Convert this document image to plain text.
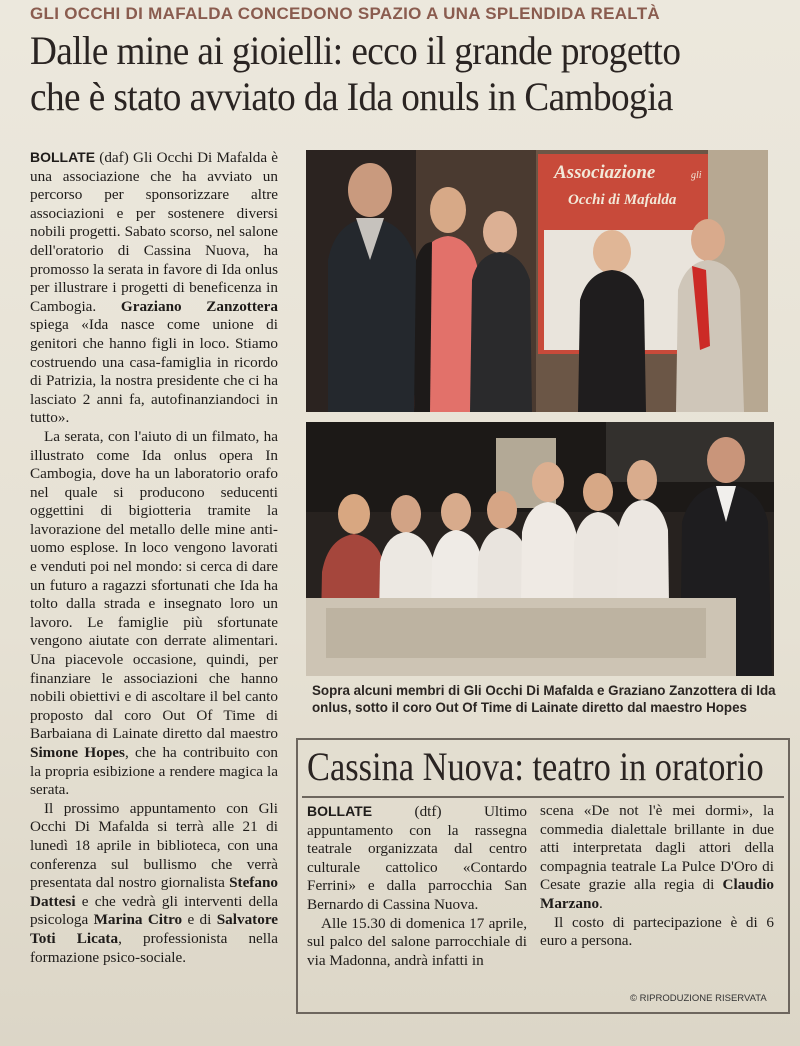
GLI OCCHI DI MAFALDA CONCEDONO SPAZIO A UNA SPLENDIDA REALTÀ
Dalle mine ai gioielli: ecco il grande progetto
che è stato avviato da Ida onuls in Cambogia

BOLLATE (daf) Gli Occhi Di Mafalda è una associazione che ha avviato un percorso per sponsorizzare altre associazioni e per sostenere diversi nobili progetti. Sabato scorso, nel salone dell'oratorio di Cassina Nuova, ha promosso la serata in favore di Ida onlus per illustrare i progetti di beneficenza in Cambogia. Graziano Zanzottera spiega «Ida nasce come unione di genitori che hanno figli in loco. Stiamo costruendo una casa-famiglia in ricordo di Patrizia, la nostra presidente che ci ha lasciato 2 anni fa, autofinanziandoci in tutto».

La serata, con l'aiuto di un filmato, ha illustrato come Ida onlus opera In Cambogia, dove ha un laboratorio orafo nel quale si producono seducenti oggettini di bigiotteria tramite la lavorazione del metallo delle mine anti-uomo esplose. In loco vengono lavorati e venduti poi nel mondo: si cerca di dare un futuro a ragazzi sfortunati che Ida ha tolto dalla strada e insegnato loro un lavoro. Le famiglie più sfortunate vengono aiutate con derrate alimentari. Una piacevole occasione, quindi, per finanziare le associazioni che hanno nobili obiettivi e di ascoltare il bel canto proposto dal coro Out Of Time di Barbaiana di Lainate diretto dal maestro Simone Hopes, che ha contribuito con la propria esibizione a rendere magica la serata.

Il prossimo appuntamento con Gli Occhi Di Mafalda si terrà alle 21 di lunedì 18 aprile in biblioteca, con una conferenza sul bullismo che verrà presentata dal nostro giornalista Stefano Dattesi e che vedrà gli interventi della psicologa Marina Citro e di Salvatore Toti Licata, professionista nella formazione psico-sociale.

Associazione	gli
Occhi di Mafalda
Sopra alcuni membri di Gli Occhi Di Mafalda e Graziano Zanzottera di Ida onlus, sotto il coro Out Of Time di Lainate diretto dal maestro Hopes
Cassina Nuova: teatro in oratorio

BOLLATE	(dtf)	Ultimo appuntamento con la rassegna teatrale organizzata dal centro culturale cattolico «Contardo Ferrini» e dalla parrocchia San Bernardo di Cassina Nuova.

Alle 15.30 di domenica 17 aprile, sul palco del salone parrocchiale di via Madonna, andrà infatti in

scena «De not l'è mei dormi», la commedia dialettale brillante in due atti interpretata dagli attori della compagnia teatrale La Pulce D'Oro di Cesate grazie alla regia di Claudio Marzano.

Il costo di partecipazione è di 6 euro a persona.

© RIPRODUZIONE RISERVATA
